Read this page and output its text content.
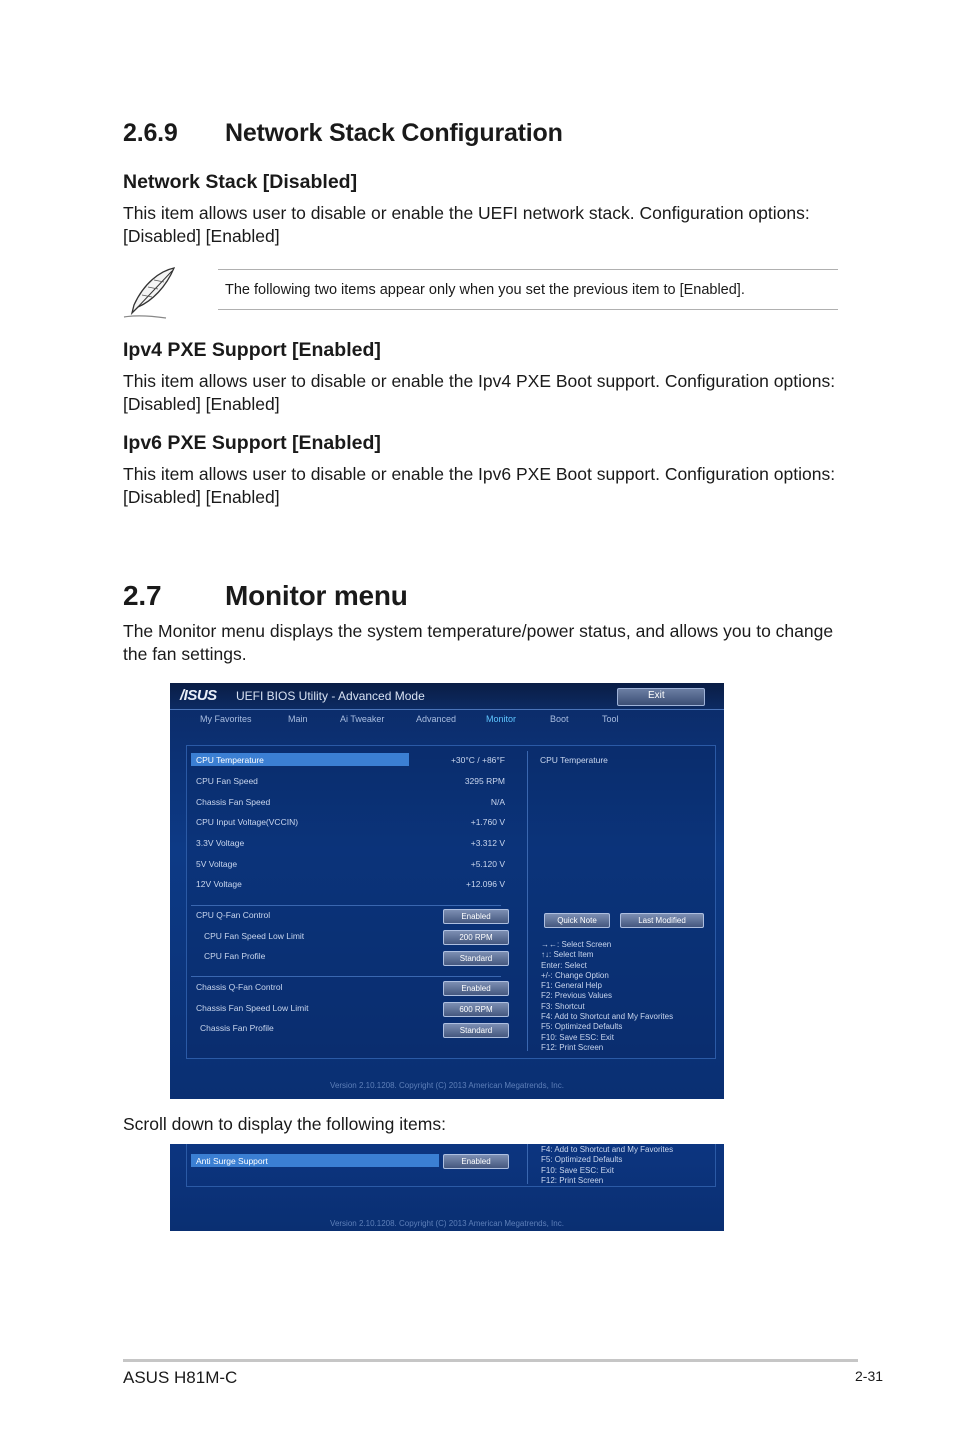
2.6.9 Network Stack Configuration
Network Stack [Disabled]
This item allows user to disable or enable the UEFI network stack. Configuration options: [Disabled] [Enabled]
The following two items appear only when you set the previous item to [Enabled].
Ipv4 PXE Support [Enabled]
This item allows user to disable or enable the Ipv4 PXE Boot support. Configuration options: [Disabled] [Enabled]
Ipv6 PXE Support [Enabled]
This item allows user to disable or enable the Ipv6 PXE Boot support. Configuration options: [Disabled] [Enabled]
2.7 Monitor menu
The Monitor menu displays the system temperature/power status, and allows you to change the fan settings.
/ISUS UEFI BIOS Utility - Advanced Mode	Exit
My Favorites	Main	Ai Tweaker	Advanced	Monitor	Boot	Tool
CPU Temperature	+30°C / +86°F
CPU Fan Speed	3295 RPM
Chassis Fan Speed	N/A
CPU Input Voltage(VCCIN)	+1.760 V
3.3V Voltage	+3.312 V
5V Voltage	+5.120 V
12V Voltage	+12.096 V
CPU Q-Fan Control	Enabled
CPU Fan Speed Low Limit	200 RPM
CPU Fan Profile	Standard
Chassis Q-Fan Control	Enabled
Chassis Fan Speed Low Limit	600 RPM
Chassis Fan Profile	Standard
CPU Temperature
Quick Note	Last Modified
→←: Select Screen
↑↓: Select Item
Enter: Select
+/-: Change Option
F1: General Help
F2: Previous Values
F3: Shortcut
F4: Add to Shortcut and My Favorites
F5: Optimized Defaults
F10: Save ESC: Exit
F12: Print Screen
Version 2.10.1208. Copyright (C) 2013 American Megatrends, Inc.
Scroll down to display the following items:
Anti Surge Support	Enabled
F4: Add to Shortcut and My Favorites
F5: Optimized Defaults
F10: Save ESC: Exit
F12: Print Screen
Version 2.10.1208. Copyright (C) 2013 American Megatrends, Inc.
ASUS H81M-C	2-31
